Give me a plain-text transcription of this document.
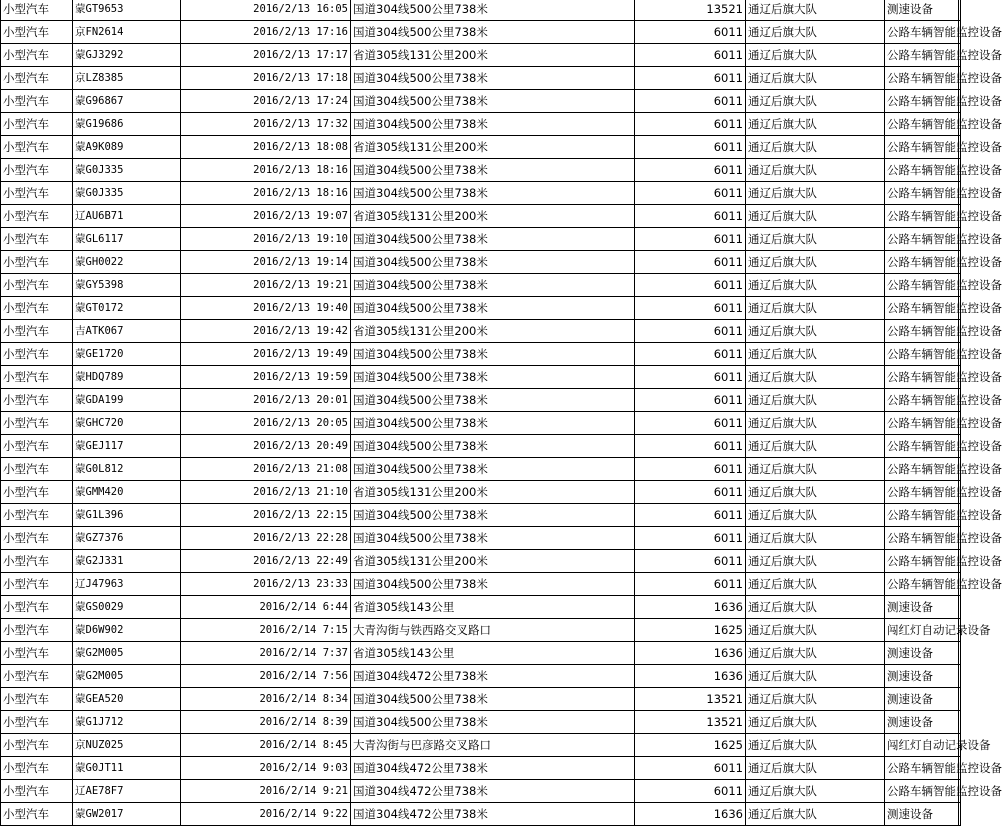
小型汽车	蒙GT9653	2016/2/13 16:05	国道304线500公里738米	13521	通辽后旗大队	测速设备		
小型汽车	京FN2614	2016/2/13 17:16	国道304线500公里738米	6011	通辽后旗大队	公路车辆智能监控设备		
小型汽车	蒙GJ3292	2016/2/13 17:17	省道305线131公里200米	6011	通辽后旗大队	公路车辆智能监控设备		
小型汽车	京LZ8385	2016/2/13 17:18	国道304线500公里738米	6011	通辽后旗大队	公路车辆智能监控设备		
小型汽车	蒙G96867	2016/2/13 17:24	国道304线500公里738米	6011	通辽后旗大队	公路车辆智能监控设备		
小型汽车	蒙G19686	2016/2/13 17:32	国道304线500公里738米	6011	通辽后旗大队	公路车辆智能监控设备		
小型汽车	蒙A9K089	2016/2/13 18:08	省道305线131公里200米	6011	通辽后旗大队	公路车辆智能监控设备		
小型汽车	蒙G0J335	2016/2/13 18:16	国道304线500公里738米	6011	通辽后旗大队	公路车辆智能监控设备		
小型汽车	蒙G0J335	2016/2/13 18:16	国道304线500公里738米	6011	通辽后旗大队	公路车辆智能监控设备		
小型汽车	辽AU6B71	2016/2/13 19:07	省道305线131公里200米	6011	通辽后旗大队	公路车辆智能监控设备		
小型汽车	蒙GL6117	2016/2/13 19:10	国道304线500公里738米	6011	通辽后旗大队	公路车辆智能监控设备		
小型汽车	蒙GH0022	2016/2/13 19:14	国道304线500公里738米	6011	通辽后旗大队	公路车辆智能监控设备		
小型汽车	蒙GY5398	2016/2/13 19:21	国道304线500公里738米	6011	通辽后旗大队	公路车辆智能监控设备		
小型汽车	蒙GT0172	2016/2/13 19:40	国道304线500公里738米	6011	通辽后旗大队	公路车辆智能监控设备		
小型汽车	吉ATK067	2016/2/13 19:42	省道305线131公里200米	6011	通辽后旗大队	公路车辆智能监控设备		
小型汽车	蒙GE1720	2016/2/13 19:49	国道304线500公里738米	6011	通辽后旗大队	公路车辆智能监控设备		
小型汽车	蒙HDQ789	2016/2/13 19:59	国道304线500公里738米	6011	通辽后旗大队	公路车辆智能监控设备		
小型汽车	蒙GDA199	2016/2/13 20:01	国道304线500公里738米	6011	通辽后旗大队	公路车辆智能监控设备		
小型汽车	蒙GHC720	2016/2/13 20:05	国道304线500公里738米	6011	通辽后旗大队	公路车辆智能监控设备		
小型汽车	蒙GEJ117	2016/2/13 20:49	国道304线500公里738米	6011	通辽后旗大队	公路车辆智能监控设备		
小型汽车	蒙G0L812	2016/2/13 21:08	国道304线500公里738米	6011	通辽后旗大队	公路车辆智能监控设备		
小型汽车	蒙GMM420	2016/2/13 21:10	省道305线131公里200米	6011	通辽后旗大队	公路车辆智能监控设备		
小型汽车	蒙G1L396	2016/2/13 22:15	国道304线500公里738米	6011	通辽后旗大队	公路车辆智能监控设备		
小型汽车	蒙GZ7376	2016/2/13 22:28	国道304线500公里738米	6011	通辽后旗大队	公路车辆智能监控设备		
小型汽车	蒙G2J331	2016/2/13 22:49	省道305线131公里200米	6011	通辽后旗大队	公路车辆智能监控设备		
小型汽车	辽J47963	2016/2/13 23:33	国道304线500公里738米	6011	通辽后旗大队	公路车辆智能监控设备		
小型汽车	蒙GS0029	2016/2/14 6:44	省道305线143公里	1636	通辽后旗大队	测速设备		
小型汽车	蒙D6W902	2016/2/14 7:15	大青沟街与铁西路交叉路口	1625	通辽后旗大队	闯红灯自动记录设备		
小型汽车	蒙G2M005	2016/2/14 7:37	省道305线143公里	1636	通辽后旗大队	测速设备		
小型汽车	蒙G2M005	2016/2/14 7:56	国道304线472公里738米	1636	通辽后旗大队	测速设备		
小型汽车	蒙GEA520	2016/2/14 8:34	国道304线500公里738米	13521	通辽后旗大队	测速设备		
小型汽车	蒙G1J712	2016/2/14 8:39	国道304线500公里738米	13521	通辽后旗大队	测速设备		
小型汽车	京NUZ025	2016/2/14 8:45	大青沟街与巴彦路交叉路口	1625	通辽后旗大队	闯红灯自动记录设备		
小型汽车	蒙G0JT11	2016/2/14 9:03	国道304线472公里738米	6011	通辽后旗大队	公路车辆智能监控设备		
小型汽车	辽AE78F7	2016/2/14 9:21	国道304线472公里738米	6011	通辽后旗大队	公路车辆智能监控设备		
小型汽车	蒙GW2017	2016/2/14 9:22	国道304线472公里738米	1636	通辽后旗大队	测速设备		
